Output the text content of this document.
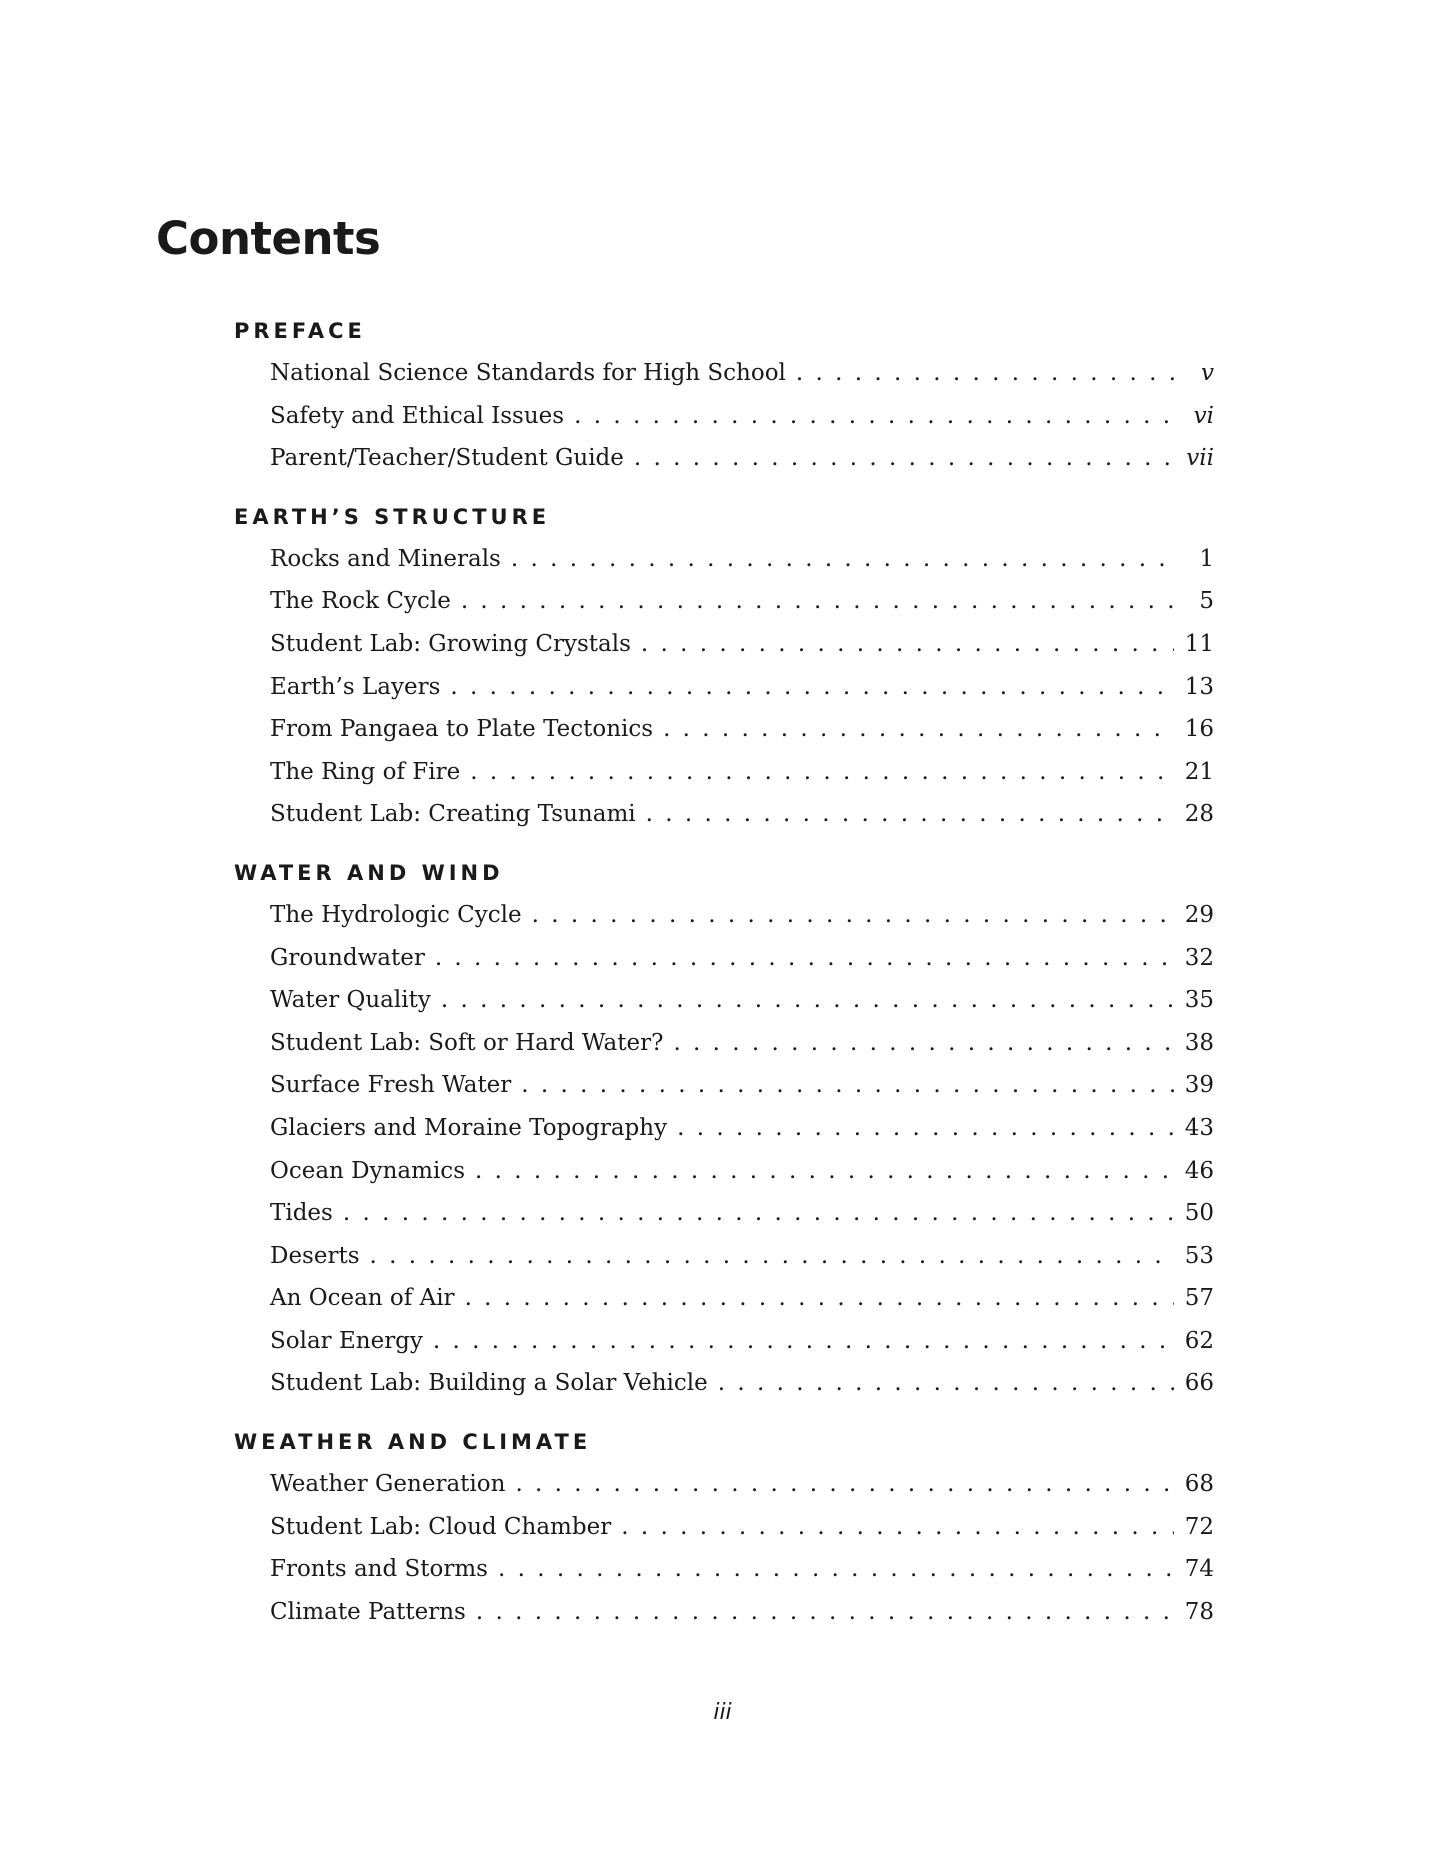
Contents
PREFACE
National Science Standards for High School . . .	v
Safety and Ethical Issues . . .	vi
Parent/Teacher/Student Guide . . .	vii
EARTH’S STRUCTURE
Rocks and Minerals . . .	1
The Rock Cycle . . .	5
Student Lab: Growing Crystals . . .	11
Earth’s Layers . . .	13
From Pangaea to Plate Tectonics . . .	16
The Ring of Fire . . .	21
Student Lab: Creating Tsunami . . .	28
WATER AND WIND
The Hydrologic Cycle . . .	29
Groundwater . . .	32
Water Quality . . .	35
Student Lab: Soft or Hard Water? . . .	38
Surface Fresh Water . . .	39
Glaciers and Moraine Topography . . .	43
Ocean Dynamics . . .	46
Tides . . .	50
Deserts . . .	53
An Ocean of Air . . .	57
Solar Energy . . .	62
Student Lab: Building a Solar Vehicle . . .	66
WEATHER AND CLIMATE
Weather Generation . . .	68
Student Lab: Cloud Chamber . . .	72
Fronts and Storms . . .	74
Climate Patterns . . .	78

iii
